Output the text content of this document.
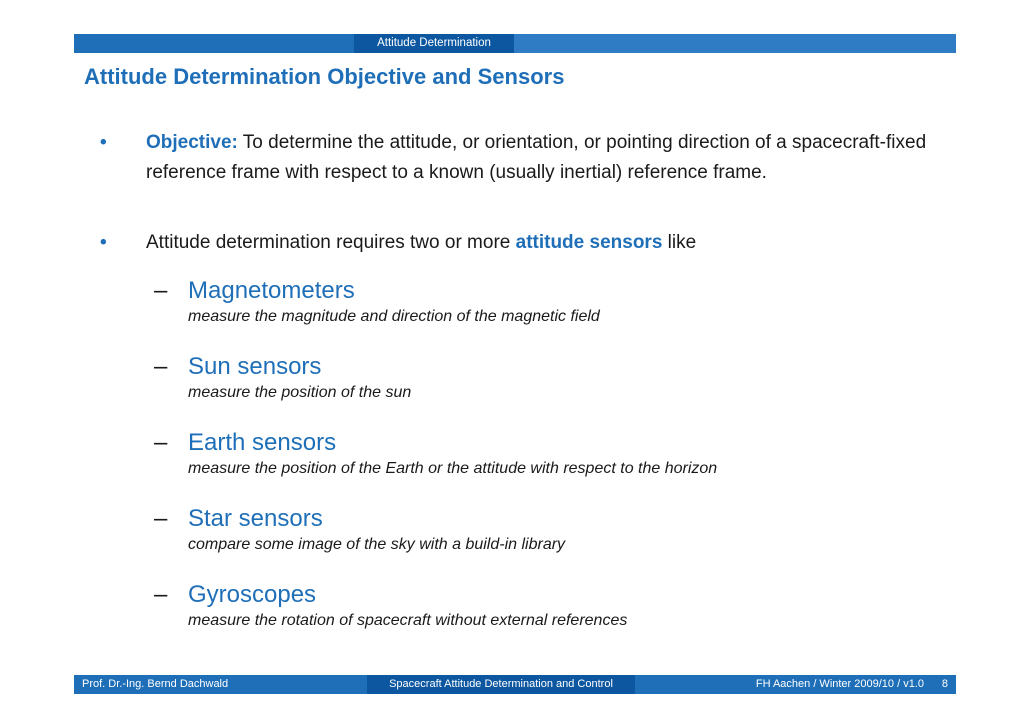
Attitude Determination
Attitude Determination Objective and Sensors
• Objective: To determine the attitude, or orientation, or pointing direction of a spacecraft-fixed reference frame with respect to a known (usually inertial) reference frame.
• Attitude determination requires two or more attitude sensors like
– Magnetometers
measure the magnitude and direction of the magnetic field
– Sun sensors
measure the position of the sun
– Earth sensors
measure the position of the Earth or the attitude with respect to the horizon
– Star sensors
compare some image of the sky with a build-in library
– Gyroscopes
measure the rotation of spacecraft without external references
Prof. Dr.-Ing. Bernd Dachwald	Spacecraft Attitude Determination and Control	FH Aachen / Winter 2009/10 / v1.0 8
